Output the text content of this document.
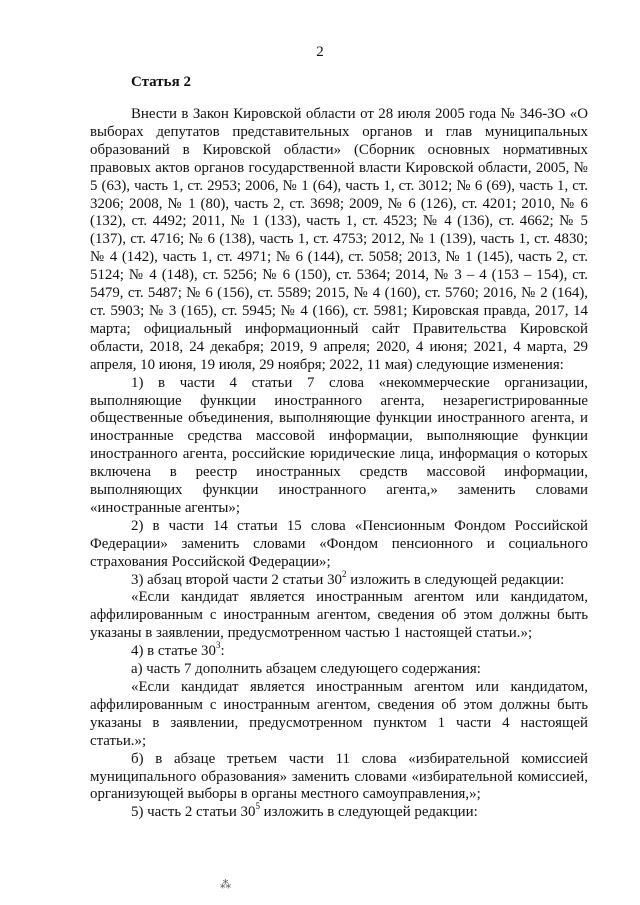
2
Статья 2

Внести в Закон Кировской области от 28 июля 2005 года № 346-ЗО «О выборах депутатов представительных органов и глав муниципальных образований в Кировской области» (Сборник основных нормативных правовых актов органов государственной власти Кировской области, 2005, № 5 (63), часть 1, ст. 2953; 2006, № 1 (64), часть 1, ст. 3012; № 6 (69), часть 1, ст. 3206; 2008, № 1 (80), часть 2, ст. 3698; 2009, № 6 (126), ст. 4201; 2010, № 6 (132), ст. 4492; 2011, № 1 (133), часть 1, ст. 4523; № 4 (136), ст. 4662; № 5 (137), ст. 4716; № 6 (138), часть 1, ст. 4753; 2012, № 1 (139), часть 1, ст. 4830; № 4 (142), часть 1, ст. 4971; № 6 (144), ст. 5058; 2013, № 1 (145), часть 2, ст. 5124; № 4 (148), ст. 5256; № 6 (150), ст. 5364; 2014, № 3 – 4 (153 – 154), ст. 5479, ст. 5487; № 6 (156), ст. 5589; 2015, № 4 (160), ст. 5760; 2016, № 2 (164), ст. 5903; № 3 (165), ст. 5945; № 4 (166), ст. 5981; Кировская правда, 2017, 14 марта; официальный информационный сайт Правительства Кировской области, 2018, 24 декабря; 2019, 9 апреля; 2020, 4 июня; 2021, 4 марта, 29 апреля, 10 июня, 19 июля, 29 ноября; 2022, 11 мая) следующие изменения:

1) в части 4 статьи 7 слова «некоммерческие организации, выполняющие функции иностранного агента, незарегистрированные общественные объединения, выполняющие функции иностранного агента, и иностранные средства массовой информации, выполняющие функции иностранного агента, российские юридические лица, информация о которых включена в реестр иностранных средств массовой информации, выполняющих функции иностранного агента,» заменить словами «иностранные агенты»;

2) в части 14 статьи 15 слова «Пенсионным Фондом Российской Федерации» заменить словами «Фондом пенсионного и социального страхования Российской Федерации»;

3) абзац второй части 2 статьи $30^2$ изложить в следующей редакции:

«Если кандидат является иностранным агентом или кандидатом, аффилированным с иностранным агентом, сведения об этом должны быть указаны в заявлении, предусмотренном частью 1 настоящей статьи.»;

4) в статье $30^3$:

а) часть 7 дополнить абзацем следующего содержания:

«Если кандидат является иностранным агентом или кандидатом, аффилированным с иностранным агентом, сведения об этом должны быть указаны в заявлении, предусмотренном пунктом 1 части 4 настоящей статьи.»;

б) в абзаце третьем части 11 слова «избирательной комиссией муниципального образования» заменить словами «избирательной комиссией, организующей выборы в органы местного самоуправления,»;

5) часть 2 статьи $30^5$ изложить в следующей редакции:

⁂
